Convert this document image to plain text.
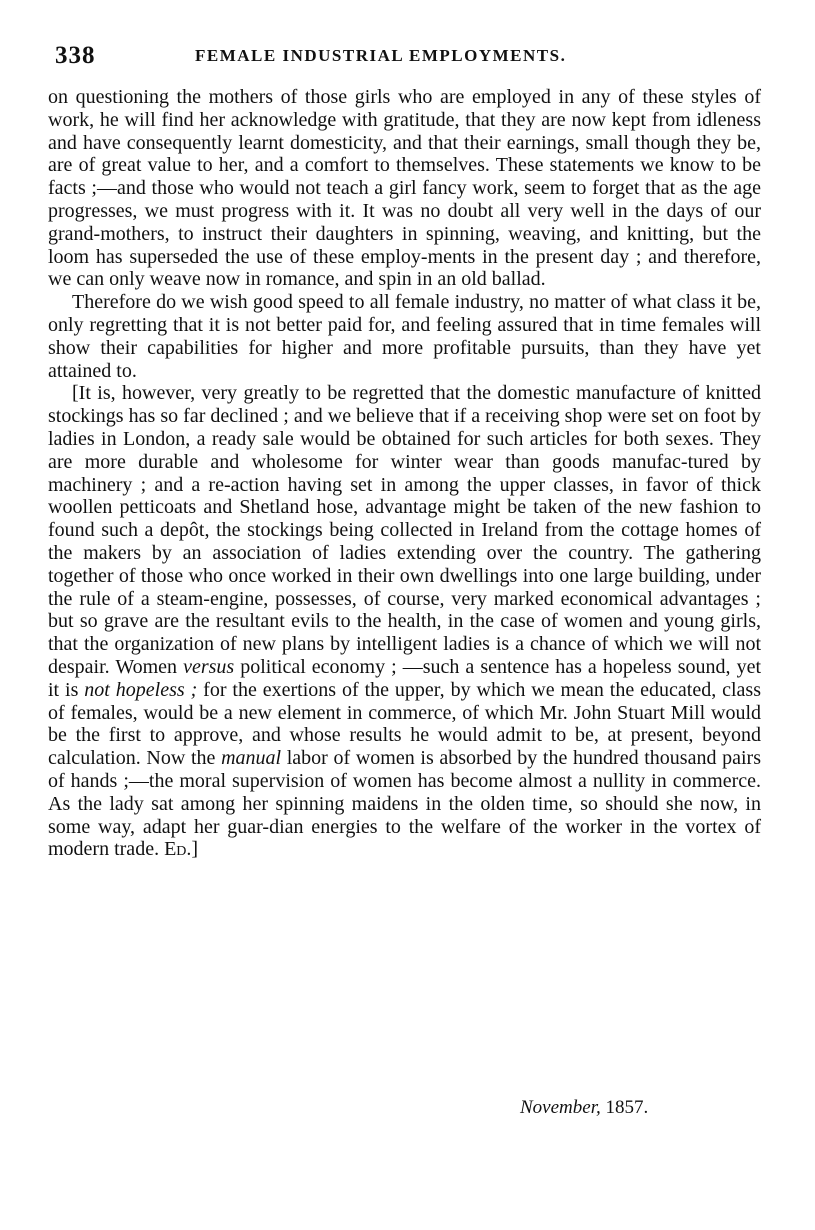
338	FEMALE INDUSTRIAL EMPLOYMENTS.

on questioning the mothers of those girls who are employed in any of these styles of work, he will find her acknowledge with gratitude, that they are now kept from idleness and have consequently learnt domesticity, and that their earnings, small though they be, are of great value to her, and a comfort to themselves. These statements we know to be facts ;—and those who would not teach a girl fancy work, seem to forget that as the age progresses, we must progress with it. It was no doubt all very well in the days of our grand-mothers, to instruct their daughters in spinning, weaving, and knitting, but the loom has superseded the use of these employ-ments in the present day ; and therefore, we can only weave now in romance, and spin in an old ballad.

Therefore do we wish good speed to all female industry, no matter of what class it be, only regretting that it is not better paid for, and feeling assured that in time females will show their capabilities for higher and more profitable pursuits, than they have yet attained to.

[It is, however, very greatly to be regretted that the domestic manufacture of knitted stockings has so far declined ; and we believe that if a receiving shop were set on foot by ladies in London, a ready sale would be obtained for such articles for both sexes. They are more durable and wholesome for winter wear than goods manufac-tured by machinery ; and a re-action having set in among the upper classes, in favor of thick woollen petticoats and Shetland hose, advantage might be taken of the new fashion to found such a depôt, the stockings being collected in Ireland from the cottage homes of the makers by an association of ladies extending over the country. The gathering together of those who once worked in their own dwellings into one large building, under the rule of a steam-engine, possesses, of course, very marked economical advantages ; but so grave are the resultant evils to the health, in the case of women and young girls, that the organization of new plans by intelligent ladies is a chance of which we will not despair. Women versus political economy ; —such a sentence has a hopeless sound, yet it is not hopeless ; for the exertions of the upper, by which we mean the educated, class of females, would be a new element in commerce, of which Mr. John Stuart Mill would be the first to approve, and whose results he would admit to be, at present, beyond calculation. Now the manual labor of women is absorbed by the hundred thousand pairs of hands ;—the moral supervision of women has become almost a nullity in commerce. As the lady sat among her spinning maidens in the olden time, so should she now, in some way, adapt her guar-dian energies to the welfare of the worker in the vortex of modern trade. Ed.]

November, 1857.
